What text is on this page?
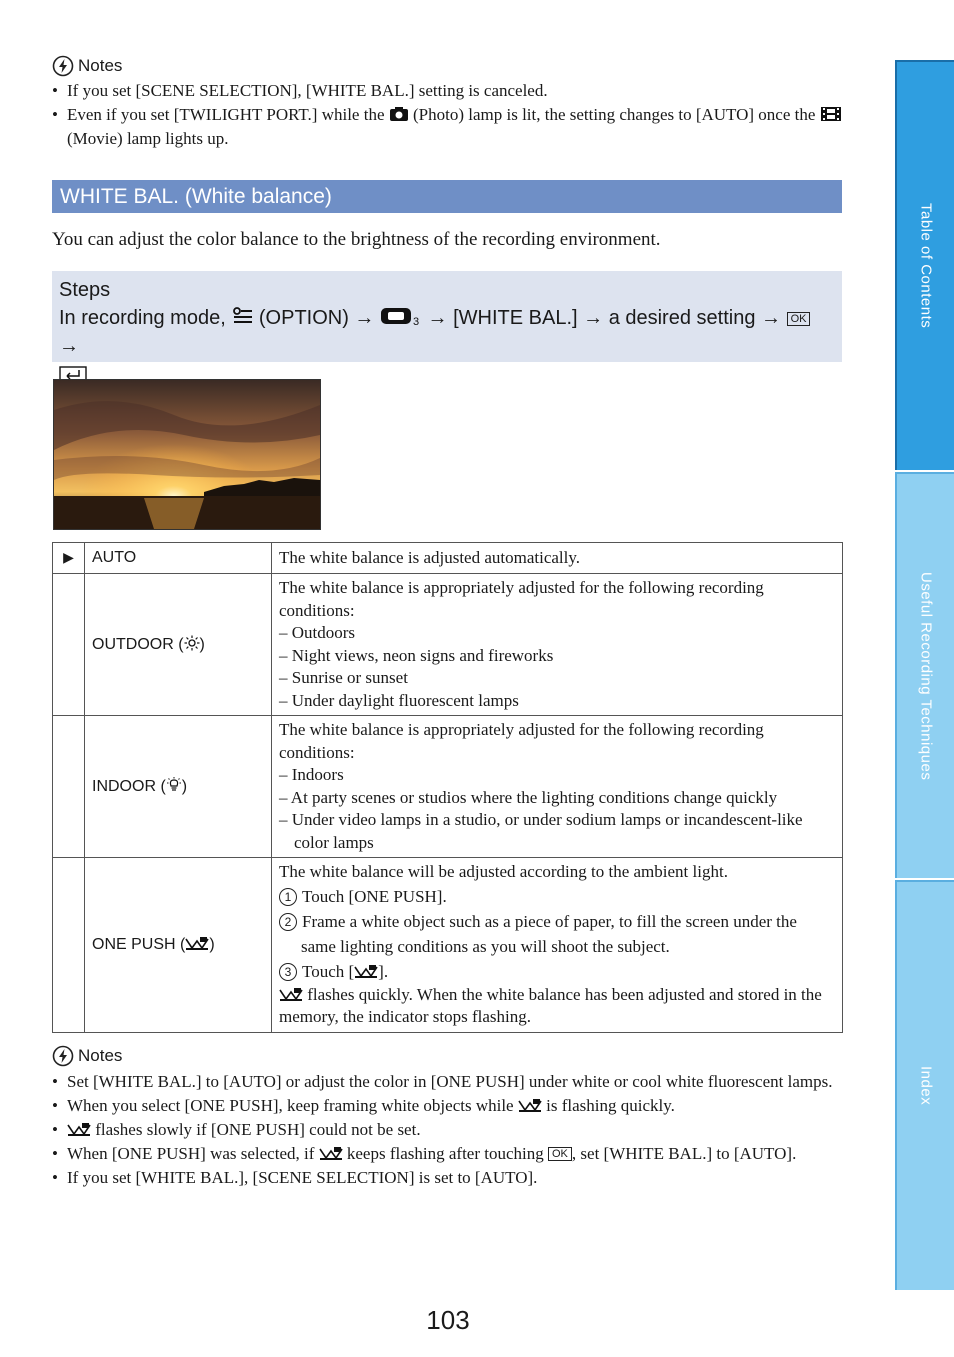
Notes
• If you set [SCENE SELECTION], [WHITE BAL.] setting is canceled.
• Even if you set [TWILIGHT PORT.] while the  (Photo) lamp is lit, the setting changes to [AUTO] once the  (Movie) lamp lights up.
WHITE BAL. (White balance)
You can adjust the color balance to the brightness of the recording environment.
Steps
In recording mode,  (OPTION) →	3 → [WHITE BAL.] → a desired setting → OK →
▶	AUTO	The white balance is adjusted automatically.
	OUTDOOR ( )	The white balance is appropriately adjusted for the following recording conditions:
– Outdoors
– Night views, neon signs and fireworks
– Sunrise or sunset
– Under daylight fluorescent lamps

	INDOOR ( )	The white balance is appropriately adjusted for the following recording conditions:
– Indoors
– At party scenes or studios where the lighting conditions change quickly
– Under video lamps in a studio, or under sodium lamps or incandescent-like color lamps

	ONE PUSH ( )	The white balance will be adjusted according to the ambient light.
1 Touch [ONE PUSH].
2 Frame a white object such as a piece of paper, to fill the screen under the same lighting conditions as you will shoot the subject.
3 Touch [ ].
flashes quickly. When the white balance has been adjusted and stored in the memory, the indicator stops flashing.
Notes
• Set [WHITE BAL.] to [AUTO] or adjust the color in [ONE PUSH] under white or cool white fluorescent lamps.
• When you select [ONE PUSH], keep framing white objects while  is flashing quickly.
• flashes slowly if [ONE PUSH] could not be set.
• When [ONE PUSH] was selected, if  keeps flashing after touching OK , set [WHITE BAL.] to [AUTO].
• If you set [WHITE BAL.], [SCENE SELECTION] is set to [AUTO].
Table of Contents
Useful Recording Techniques
Index
103
